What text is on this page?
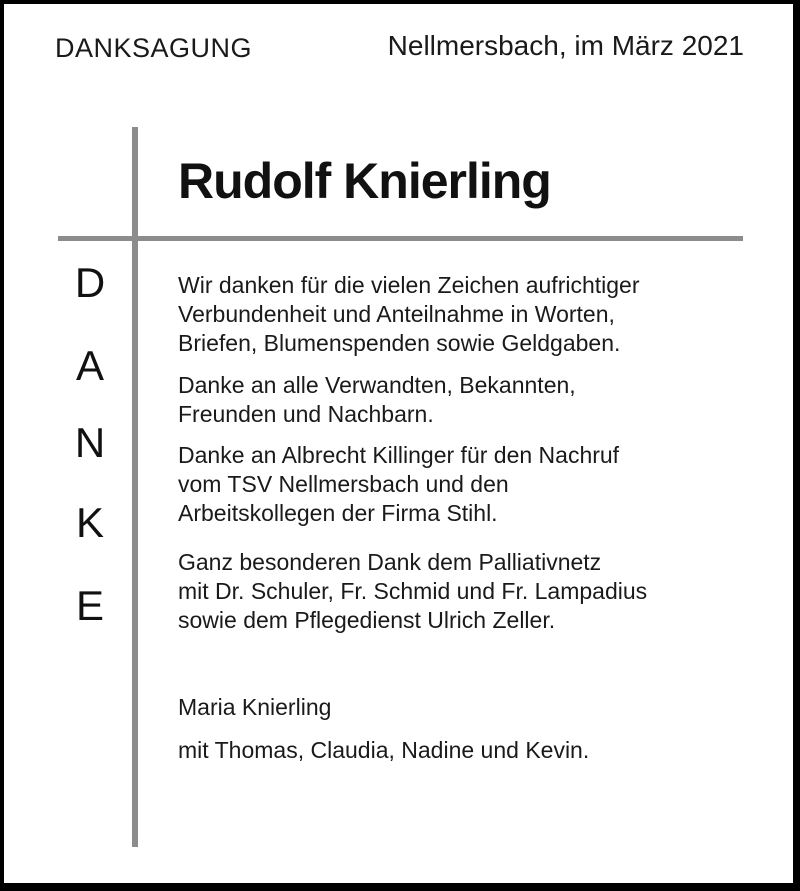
DANKSAGUNG	Nellmersbach, im März 2021
Rudolf Knierling
D
A
N
K
E
Wir danken für die vielen Zeichen aufrichtiger
Verbundenheit und Anteilnahme in Worten,
Briefen, Blumenspenden sowie Geldgaben.
Danke an alle Verwandten, Bekannten,
Freunden und Nachbarn.
Danke an Albrecht Killinger für den Nachruf
vom TSV Nellmersbach und den
Arbeitskollegen der Firma Stihl.
Ganz besonderen Dank dem Palliativnetz
mit Dr. Schuler, Fr. Schmid und Fr. Lampadius
sowie dem Pflegedienst Ulrich Zeller.
Maria Knierling
mit Thomas, Claudia, Nadine und Kevin.
